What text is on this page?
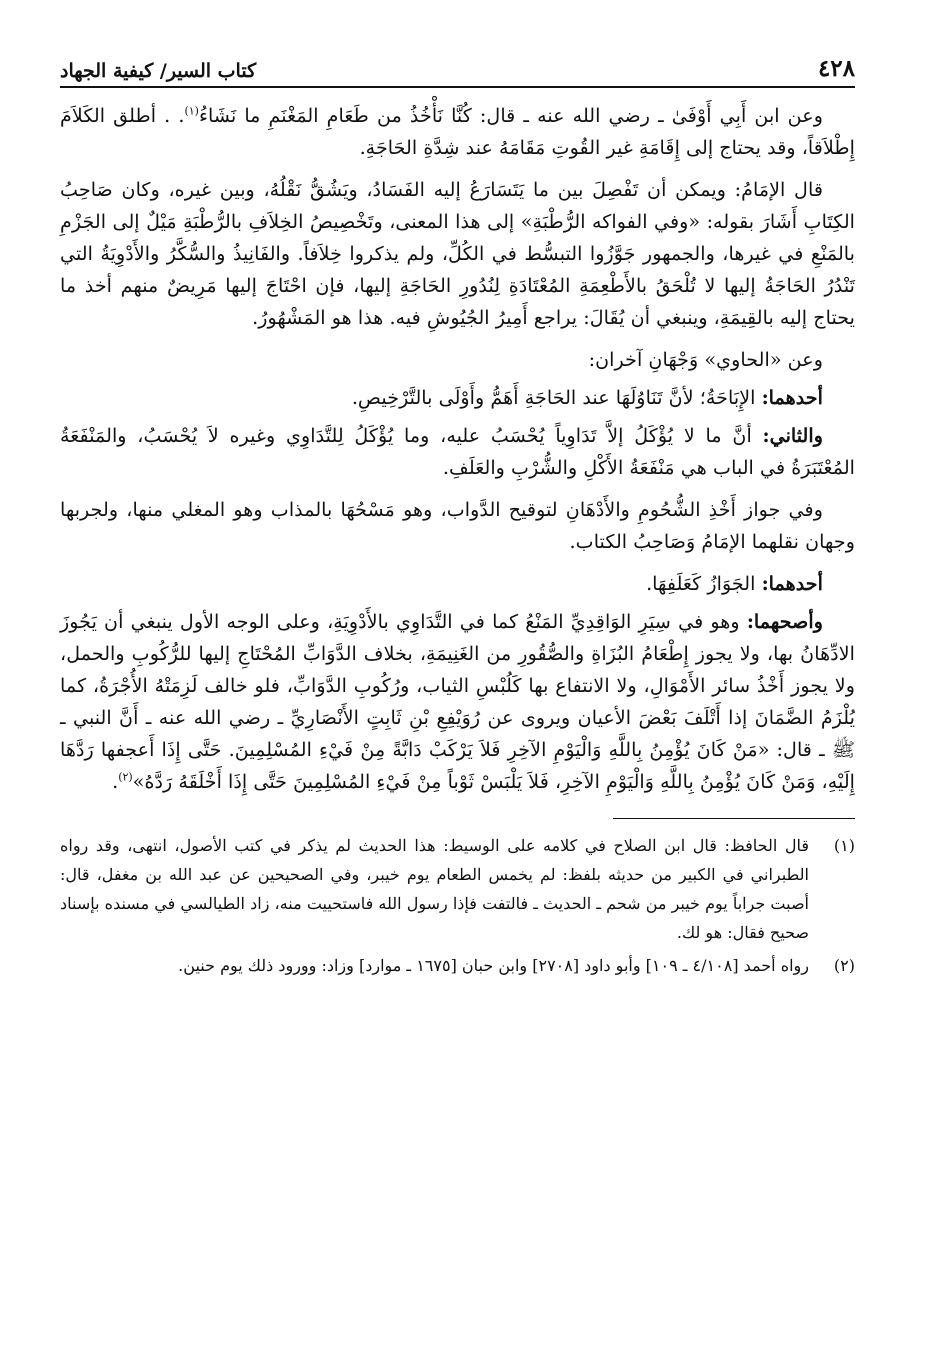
٤٢٨
كتاب السير/ كيفية الجهاد

وعن ابن أَبِي أَوْفَىٰ ـ رضي الله عنه ـ قال: كُنَّا نَأْخُذُ من طَعَامِ المَغْنَمِ ما نَشَاءُ$^{(١)}$. . أطلق الكَلاَمَ إِطْلاَقاً، وقد يحتاج إلى إِقَامَةِ غير القُوتِ مَقَامَهُ عند شِدَّةِ الحَاجَةِ.

قال الإمَامُ: ويمكن أن تَفْصِلَ بين ما يَتَسَارَعُ إليه الفَسَادُ، ويَشُقُّ نَقْلُهُ، وبين غيره، وكان صَاحِبُ الكِتَابِ أَشَارَ بقوله: «وفي الفواكه الرُّطْبَةِ» إلى هذا المعنى، وتَخْصِيصُ الخِلاَفِ بالرُّطْبَةِ مَيْلٌ إلى الجَزْمِ بالمَنْعِ في غيرها، والجمهور جَوَّزُوا التبسُّط في الكُلِّ، ولم يذكروا خِلاَفاً. والفَانِيذُ والسُّكَّرُ والأَدْوِيَةُ التي تَنْدُرُ الحَاجَةُ إليها لا تُلْحَقُ بالأَطْعِمَةِ المُعْتَادَةِ لِنُدُورِ الحَاجَةِ إليها، فإن احْتَاجَ إليها مَرِيضٌ منهم أخذ ما يحتاج إليه بالقِيمَةِ، وينبغي أن يُقَالَ: يراجع أَمِيرُ الجُيُوشِ فيه. هذا هو المَشْهُورُ.

وعن «الحاوي» وَجْهَانِ آخران:

أحدهما: الإِبَاحَةُ؛ لأنَّ تَنَاوُلَهَا عند الحَاجَةِ أَهَمُّ وأَوْلَى بالتَّرْخِيصِ.

والثاني: أنَّ ما لا يُؤْكَلُ إلاَّ تَدَاوِياً يُحْسَبُ عليه، وما يُؤْكَلُ لِلتَّدَاوِي وغيره لاَ يُحْسَبُ، والمَنْفَعَةُ المُعْتَبَرَةُ في الباب هي مَنْفَعَةُ الأَكْلِ والشُّرْبِ والعَلَفِ.

وفي جواز أَخْذِ الشُّحُومِ والأَدْهَانِ لتوقيح الدَّواب، وهو مَسْحُهَا بالمذاب وهو المغلي منها، ولجربها وجهان نقلهما الإمَامُ وَصَاحِبُ الكتاب.

أحدهما: الجَوَازُ كَعَلَفِهَا.

وأصحهما: وهو في سِيَرِ الوَاقِدِيِّ المَنْعُ كما في التَّدَاوِي بالأَدْوِيَةِ، وعلى الوجه الأول ينبغي أن يَجُوزَ الادِّهَانُ بها، ولا يجوز إِطْعَامُ البُزَاةِ والصُّقُورِ من الغَنِيمَةِ، بخلاف الدَّوَابِّ المُحْتَاجِ إليها للرُّكُوبِ والحمل، ولا يجوز أَخْذُ سائر الأَمْوَالِ، ولا الانتفاع بها كَلُبْسِ الثياب، ورُكُوبِ الدَّوَابِّ، فلو خالف لَزِمَتْهُ الأُجْرَةُ، كما يُلْزَمُ الضَّمَانَ إذا أَتْلَفَ بَعْضَ الأعيان ويروى عن رُوَيْفِعِ بْنِ ثَابِتٍ الأَنْصَارِيِّ ـ رضي الله عنه ـ أَنَّ النبي ـ ﷺ ـ قال: «مَنْ كَانَ يُؤْمِنُ بِاللَّهِ وَالْيَوْمِ الآخِرِ فَلاَ يَرْكَبْ دَابَّةً مِنْ فَيْءِ المُسْلِمِينَ. حَتَّى إِذَا أَعجفها رَدَّهَا إِلَيْهِ، وَمَنْ كَانَ يُؤْمِنُ بِاللَّهِ وَالْيَوْمِ الآخِرِ، فَلاَ يَلْبَسْ ثَوْباً مِنْ فَيْءِ المُسْلِمِينَ حَتَّى إِذَا أَخْلَقَهُ رَدَّهُ»$^{(٢)}$.

(١)
قال الحافظ: قال ابن الصلاح في كلامه على الوسيط: هذا الحديث لم يذكر في كتب الأصول، انتهى، وقد رواه الطبراني في الكبير من حديثه بلفظ: لم يخمس الطعام يوم خيبر، وفي الصحيحين عن عبد الله بن مغفل، قال: أصبت جراباً يوم خيبر من شحم ـ الحديث ـ فالتفت فإذا رسول الله فاستحييت منه، زاد الطيالسي في مسنده بإسناد صحيح فقال: هو لك.
(٢)
رواه أحمد [٤/١٠٨ ـ ١٠٩] وأبو داود [٢٧٠٨] وابن حبان [١٦٧٥ ـ موارد] وزاد: وورود ذلك يوم حنين.
